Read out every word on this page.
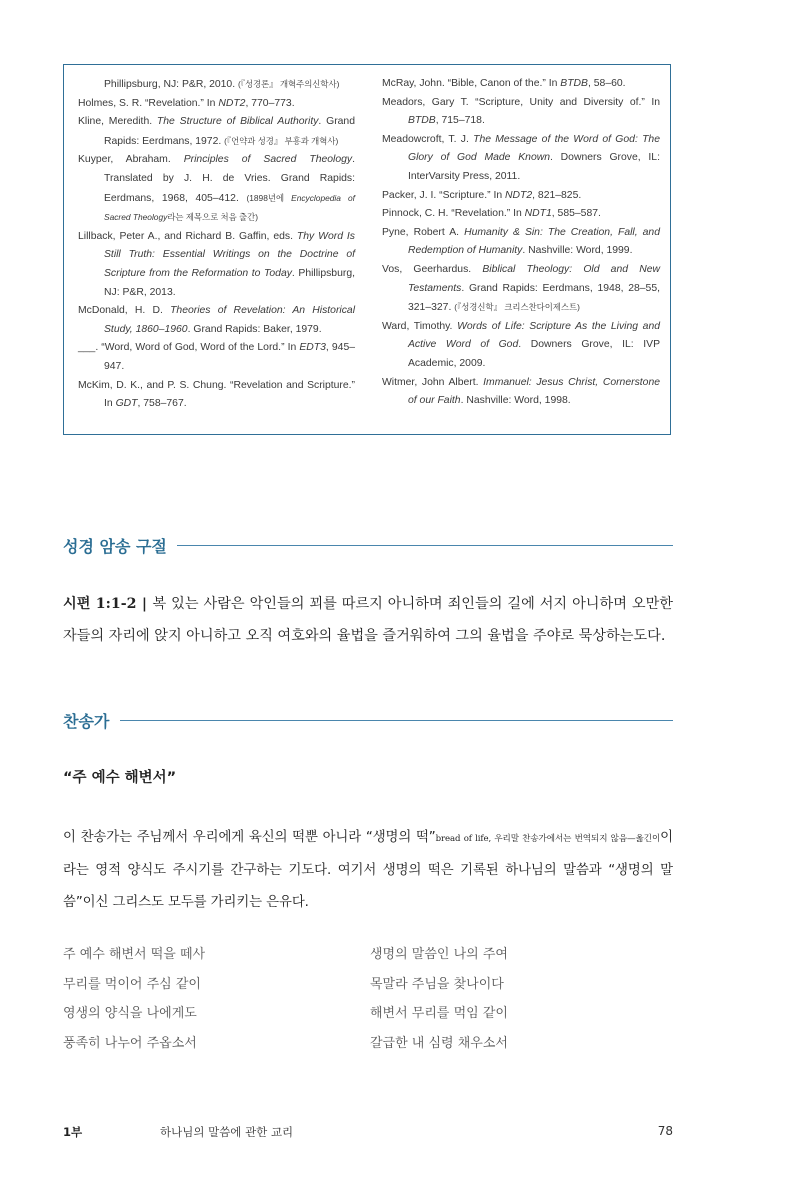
Phillipsburg, NJ: P&R, 2010. (『성경론』 개혁주의신학사)

Holmes, S. R. “Revelation.” In NDT2, 770–773.

Kline, Meredith. The Structure of Biblical Authority. Grand Rapids: Eerdmans, 1972. (『언약과 성경』 부흥과 개혁사)

Kuyper, Abraham. Principles of Sacred Theology. Translated by J. H. de Vries. Grand Rapids: Eerdmans, 1968, 405–412. (1898년에 Encyclopedia of Sacred Theology라는 제목으로 처음 출간)

Lillback, Peter A., and Richard B. Gaffin, eds. Thy Word Is Still Truth: Essential Writings on the Doctrine of Scripture from the Reformation to Today. Phillipsburg, NJ: P&R, 2013.

McDonald, H. D. Theories of Revelation: An Historical Study, 1860–1960. Grand Rapids: Baker, 1979.

___. “Word, Word of God, Word of the Lord.” In EDT3, 945–947.

McKim, D. K., and P. S. Chung. “Revelation and Scripture.” In GDT, 758–767.

McRay, John. “Bible, Canon of the.” In BTDB, 58–60.

Meadors, Gary T. “Scripture, Unity and Diversity of.” In BTDB, 715–718.

Meadowcroft, T. J. The Message of the Word of God: The Glory of God Made Known. Downers Grove, IL: InterVarsity Press, 2011.

Packer, J. I. “Scripture.” In NDT2, 821–825.

Pinnock, C. H. “Revelation.” In NDT1, 585–587.

Pyne, Robert A. Humanity & Sin: The Creation, Fall, and Redemption of Humanity. Nashville: Word, 1999.

Vos, Geerhardus. Biblical Theology: Old and New Testaments. Grand Rapids: Eerdmans, 1948, 28–55, 321–327. (『성경신학』 크리스찬다이제스트)

Ward, Timothy. Words of Life: Scripture As the Living and Active Word of God. Downers Grove, IL: IVP Academic, 2009.

Witmer, John Albert. Immanuel: Jesus Christ, Cornerstone of our Faith. Nashville: Word, 1998.

성경 암송 구절

시편 1:1-2 | 복 있는 사람은 악인들의 꾀를 따르지 아니하며 죄인들의 길에 서지 아니하며 오만한 자들의 자리에 앉지 아니하고 오직 여호와의 율법을 즐거워하여 그의 율법을 주야로 묵상하는도다.

찬송가
“주 예수 해변서”

이 찬송가는 주님께서 우리에게 육신의 떡뿐 아니라 “생명의 떡”bread of life, 우리말 찬송가에서는 번역되지 않음—옮긴이이라는 영적 양식도 주시기를 간구하는 기도다. 여기서 생명의 떡은 기록된 하나님의 말씀과 “생명의 말씀”이신 그리스도 모두를 가리키는 은유다.

주 예수 해변서 떡을 떼사
무리를 먹이어 주심 같이
영생의 양식을 나에게도
풍족히 나누어 주옵소서
생명의 말씀인 나의 주여
목말라 주님을 찾나이다
해변서 무리를 먹임 같이
갈급한 내 심령 채우소서
1부	하나님의 말씀에 관한 교리	78
